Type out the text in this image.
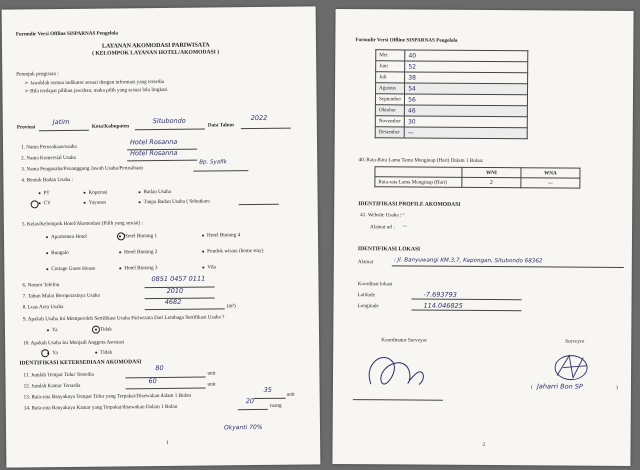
Formulir Versi Offline SISPARNAS Pengelola
LAYANAN AKOMODASI PARIWISATA
( KELOMPOK LAYANAN HOTEL/AKOMODASI )
Petunjuk pengisian :
➢ Jawablah semua indikator sesuai dengan informasi yang tersedia
➢ Bila terdapat pilihan jawaban, maka pilih yang sesuai lalu lingkari
Provinsi
Jatim
Kota/Kabupaten
Situbondo
Data Tahun
2022
1. Nama Perusahaan/usaha
Hotel Rosanna
2. Nama Komersial Usaha
Hotel Rosanna
3. Nama Pengusaha/Penanggung Jawab Usaha/Perusahaan
Bp. Syafik
4. Bentuk Badan Usaha :
PT	Koperasi	Badan Usaha
CV	Yayasan	Tanpa Badan Usaha ( Sebutkan:
5. Kelas/Kelompok Hotel/Akomodasi (Pilih yang sesuai) :
Apartemen Hotel	Hotel Bintang 1	Hotel Bintang 4
Bungalo	Hotel Bintang 2	Pondok wisata (home stay)
Cottage Guest House	Hotel Bintang 3	Vila
6. Nomor Telefon
0851 0457 0111
7. Tahun Mulai Beroperasinya Usaha
2010
8. Luas Area Usaha
4682
(m²)
9. Apakah Usaha Ini Memperoleh Sertifikasi Usaha Pariwisata Dari Lembaga Sertifikasi Usaha ?
Ya	Tidak
10. Apakah Usaha Ini Menjadi Anggota Asosiasi
Ya	Tidak
IDENTIFIKASI KETERSEDIAAN AKOMODASI
11. Jumlah Tempat Tidur Tersedia
80
unit
12. Jumlah Kamar Tersedia
60	unit
13. Rata-rata Banyaknya Tempat Tidur yang Terpakai/Disewakan dalam 1 Bulan
35
unit
14. Rata-rata Banyaknya Kamar yang Terpakai/disewakan Dalam 1 Bulan
20
ruang
Okyanti 70%
1
Formulir Versi Offline SISPARNAS Pengelola
Mei	40
Juni	52
Juli	38
Agustus	54
September	56
Oktober	46
November	30
Desember	—
40. Rata-Rata Lama Tamu Menginap (Hari) Dalam 1 Bulan:
	WNI	WNA
Rata-rata Lama Menginap (Hari)	2	—
IDENTIFIKASI PROFILE AKOMODASI
41. Website Usaha :
—
Alamat url : —
IDENTIFIKASI LOKASI
Alamat	: Jl. Banyuwangi KM.3,7, Kapongan, Situbondo 68362
Koordinat lokasi
Latitude	-7.693793
Longitude	114.046825
Koordinator Surveyor	Surveyor
( Jaharri Bon SP	)
2
